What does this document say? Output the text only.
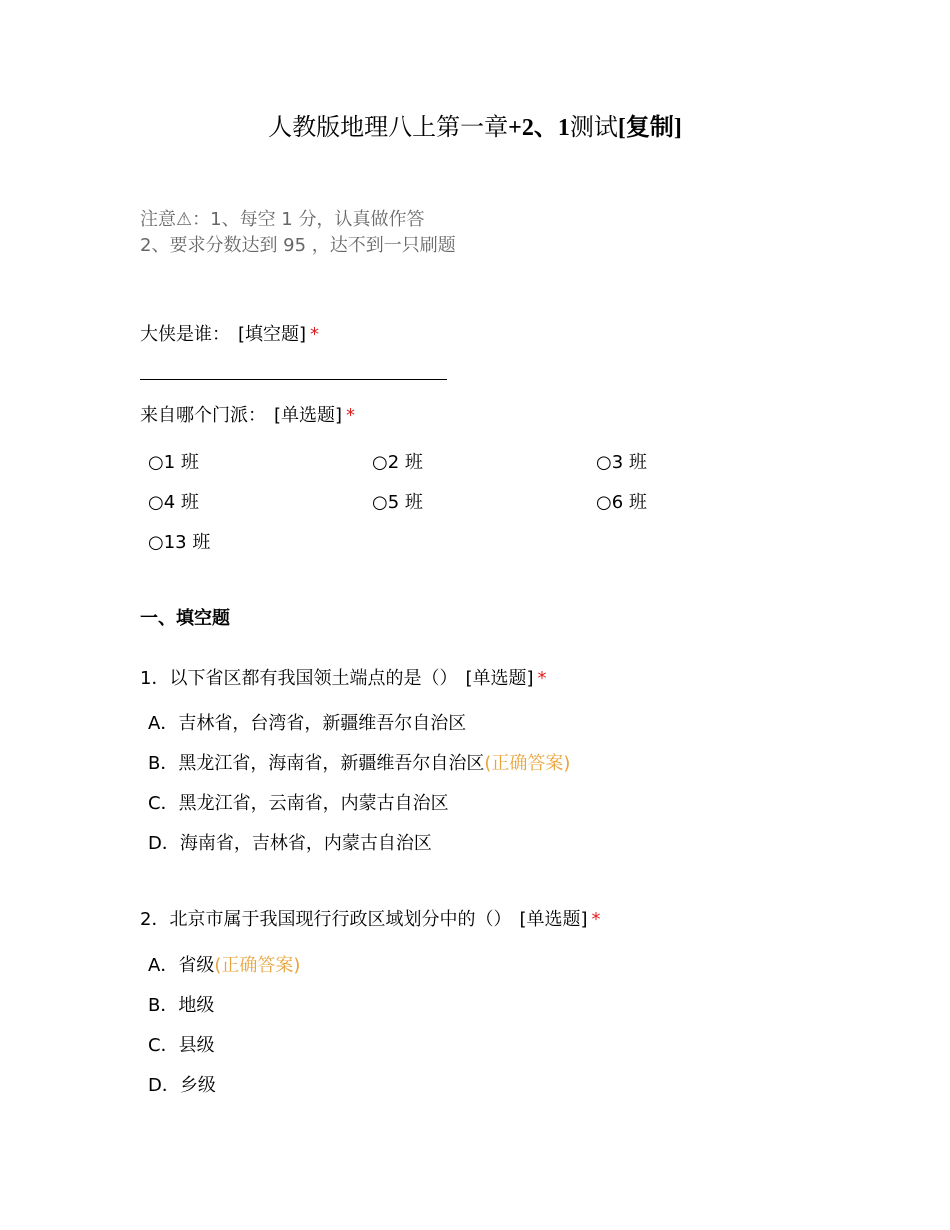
人教版地理八上第一章+2、1测试[复制]
注意⚠：1、每空 1 分，认真做作答
2、要求分数达到 95 ，达不到一只刷题
大侠是谁： [填空题] *
来自哪个门派： [单选题] *
○1 班	○2 班	○3 班
○4 班	○5 班	○6 班
○13 班
一、填空题
1．以下省区都有我国领土端点的是（） [单选题] *
A．吉林省，台湾省，新疆维吾尔自治区
B．黑龙江省，海南省，新疆维吾尔自治区(正确答案)
C．黑龙江省，云南省，内蒙古自治区
D．海南省，吉林省，内蒙古自治区
2．北京市属于我国现行行政区域划分中的（） [单选题] *
A．省级(正确答案)
B．地级
C．县级
D．乡级
